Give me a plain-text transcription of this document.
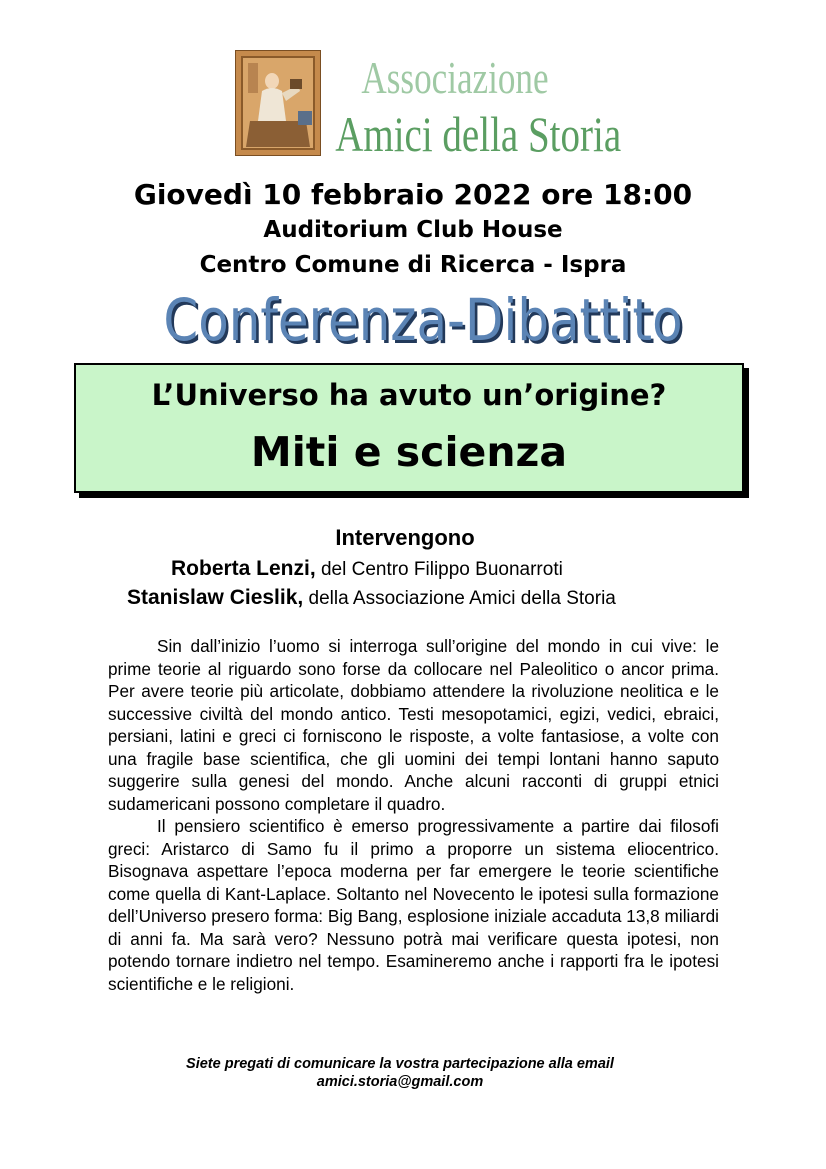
Associazione
Amici della Storia
Giovedì 10 febbraio 2022 ore 18:00
Auditorium Club House
Centro Comune di Ricerca - Ispra
Conferenza-Dibattito
L’Universo ha avuto un’origine?
Miti e scienza
Intervengono
Roberta Lenzi, del Centro Filippo Buonarroti
Stanislaw Cieslik, della Associazione Amici della Storia

Sin dall’inizio l’uomo si interroga sull’origine del mondo in cui vive: le prime teorie al riguardo sono forse da collocare nel Paleolitico o ancor prima. Per avere teorie più articolate, dobbiamo attendere la rivoluzione neolitica e le successive civiltà del mondo antico. Testi mesopotamici, egizi, vedici, ebraici, persiani, latini e greci ci forniscono le risposte, a volte fantasiose, a volte con una fragile base scientifica, che gli uomini dei tempi lontani hanno saputo suggerire sulla genesi del mondo. Anche alcuni racconti di gruppi etnici sudamericani possono completare il quadro.

Il pensiero scientifico è emerso progressivamente a partire dai filosofi greci: Aristarco di Samo fu il primo a proporre un sistema eliocentrico. Bisognava aspettare l’epoca moderna per far emergere le teorie scientifiche come quella di Kant-Laplace. Soltanto nel Novecento le ipotesi sulla formazione dell’Universo presero forma: Big Bang, esplosione iniziale accaduta 13,8 miliardi di anni fa. Ma sarà vero? Nessuno potrà mai verificare questa ipotesi, non potendo tornare indietro nel tempo. Esamineremo anche i rapporti fra le ipotesi scientifiche e le religioni.

Siete pregati di comunicare la vostra partecipazione alla email
amici.storia@gmail.com
